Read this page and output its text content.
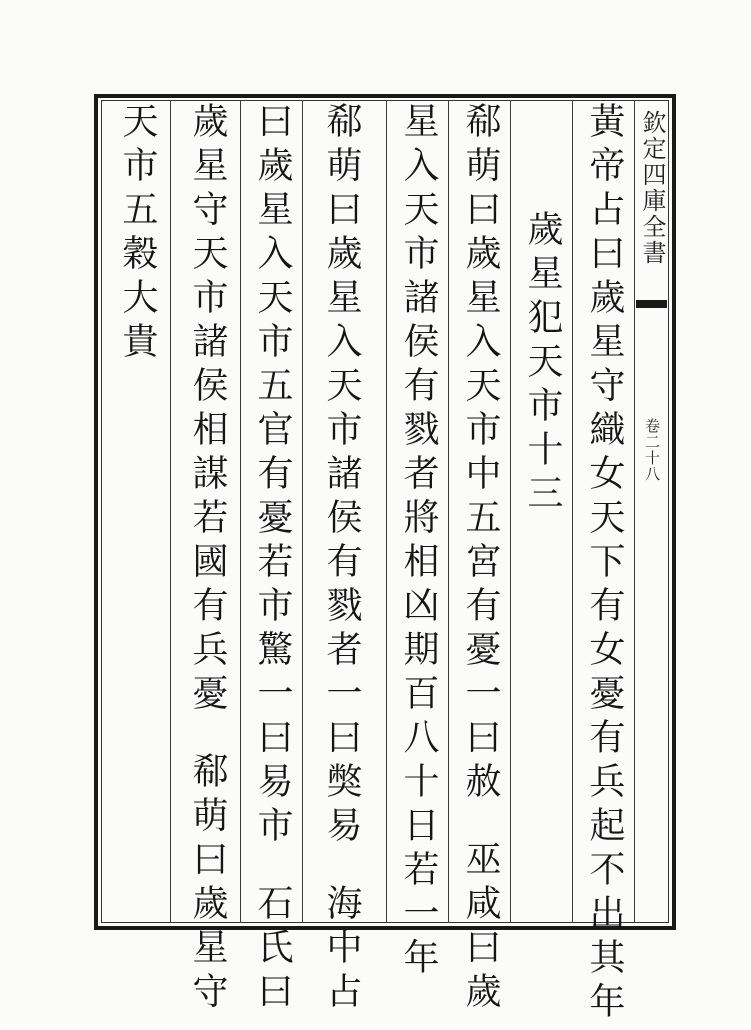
欽定四庫全書
卷二十八
黃帝占曰歲星守織女天下有女憂有兵起不出其年
歲星犯天市十三
郗萌曰歲星入天市中五宮有憂一曰赦巫咸曰歲
星入天市諸侯有戮者將相凶期百八十日若一年
郗萌曰歲星入天市諸侯有戮者一曰獘易海中占
曰歲星入天市五官有憂若市驚一曰易市石氏曰
歲星守天市諸侯相謀若國有兵憂郗萌曰歲星守
天市五穀大貴
